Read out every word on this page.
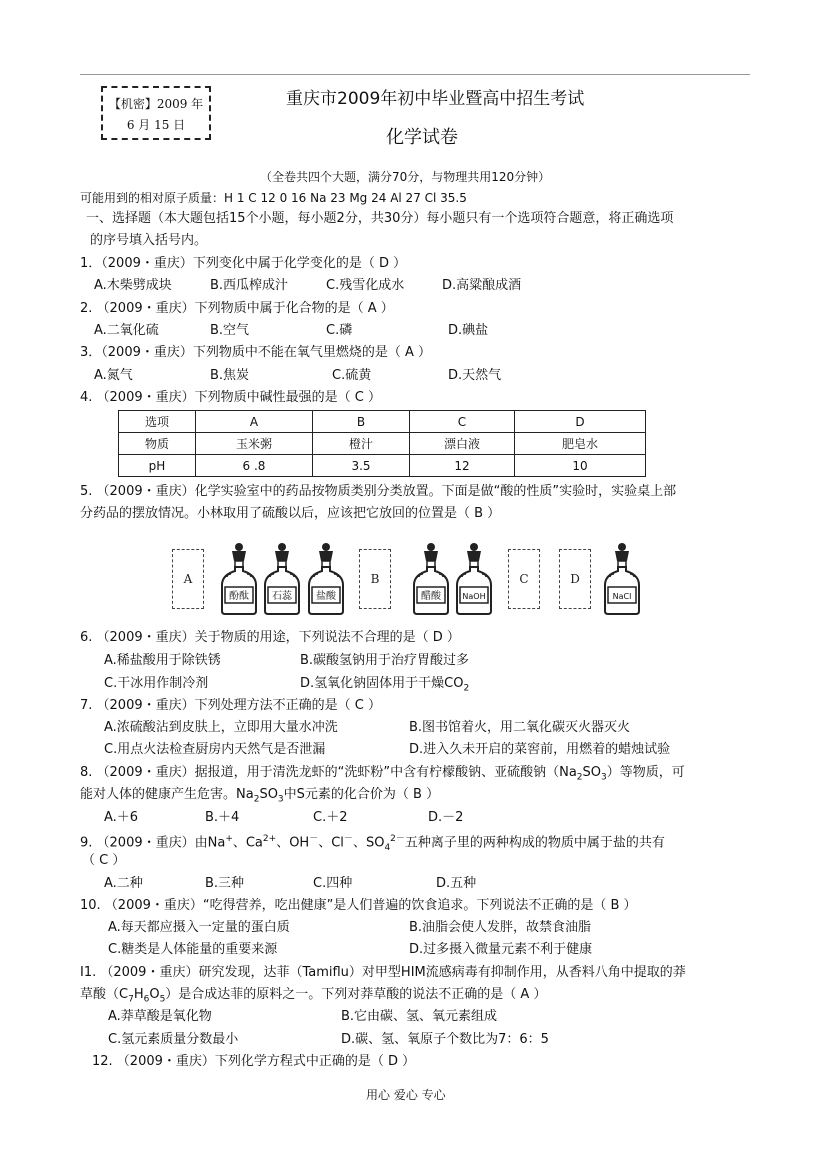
【机密】2009 年
6 月 15 日
重庆市2009年初中毕业暨高中招生考试
化学试卷
（全卷共四个大题，满分70分，与物理共用120分钟）
可能用到的相对原子质量：H 1 C 12 0 16 Na 23 Mg 24 Al 27 Cl 35.5
一、选择题（本大题包括15个小题，每小题2分，共30分）每小题只有一个选项符合题意，将正确选项
的序号填入括号内。
1．（2009・重庆）下列变化中属于化学变化的是（ D ）
A.木柴劈成块	B.西瓜榨成汁	C.残雪化成水	D.高粱酿成酒
2. （2009・重庆）下列物质中属于化合物的是（ A ）
A.二氧化硫	B.空气	C.磷	D.碘盐
3．（2009・重庆）下列物质中不能在氧气里燃烧的是（ A ）
A.氮气	B.焦炭	C.硫黄	D.天然气
4. （2009・重庆）下列物质中碱性最强的是（ C ）
选项	A	B	C	D
物质	玉米粥	橙汁	漂白液	肥皂水
pH	6 .8	3.5	12	10
5. （2009・重庆）化学实验室中的药品按物质类别分类放置。下面是做“酸的性质”实验时，实验桌上部
分药品的摆放情况。小林取用了硫酸以后，应该把它放回的位置是（ B ）
A	B	C	D
酚酞 石蕊 盐酸	醋酸	NaOH	NaCl
6. （2009・重庆）关于物质的用途，下列说法不合理的是（ D ）
A.稀盐酸用于除铁锈	B.碳酸氢钠用于治疗胃酸过多
C.干冰用作制冷剂	D.氢氧化钠固体用于干燥$CO_2$
7. （2009・重庆）下列处理方法不正确的是（ C ）
A.浓硫酸沾到皮肤上，立即用大量水冲洗	B.图书馆着火，用二氧化碳灭火器灭火
C.用点火法检查厨房内天然气是否泄漏	D.进入久未开启的菜窖前，用燃着的蜡烛试验
8. （2009・重庆）据报道，用于清洗龙虾的“洗虾粉”中含有柠檬酸钠、亚硫酸钠$(Na_2SO_3)$等物质，可
能对人体的健康产生危害。$Na_2SO_3$中S元素的化合价为（ B ）
A.＋6	B.＋4	C.＋2	D.－2
9. （2009・重庆）由Na+、$Ca^{2+}$、OH－、Cl－、$SO_4^{2-}$五种离子里的两种构成的物质中属于盐的共有
（ C ）
A.二种	B.三种	C.四种	D.五种
10. （2009・重庆）“吃得营养，吃出健康”是人们普遍的饮食追求。下列说法不正确的是（ B ）
A.每天都应摄入一定量的蛋白质	B.油脂会使人发胖，故禁食油脂
C.糖类是人体能量的重要来源	D.过多摄入微量元素不利于健康
I1. （2009・重庆）研究发现，达菲（Tamiflu）对甲型HIM流感病毒有抑制作用，从香料八角中提取的莽
草酸$(C_7H_6O_5)$是合成达菲的原料之一。下列对莽草酸的说法不正确的是（ A ）
A.莽草酸是氧化物	B.它由碳、氢、氧元素组成
C.氢元素质量分数最小	D.碳、氢、氧原子个数比为7：6：5
12. （2009・重庆）下列化学方程式中正确的是（ D ）
用心 爱心 专心
